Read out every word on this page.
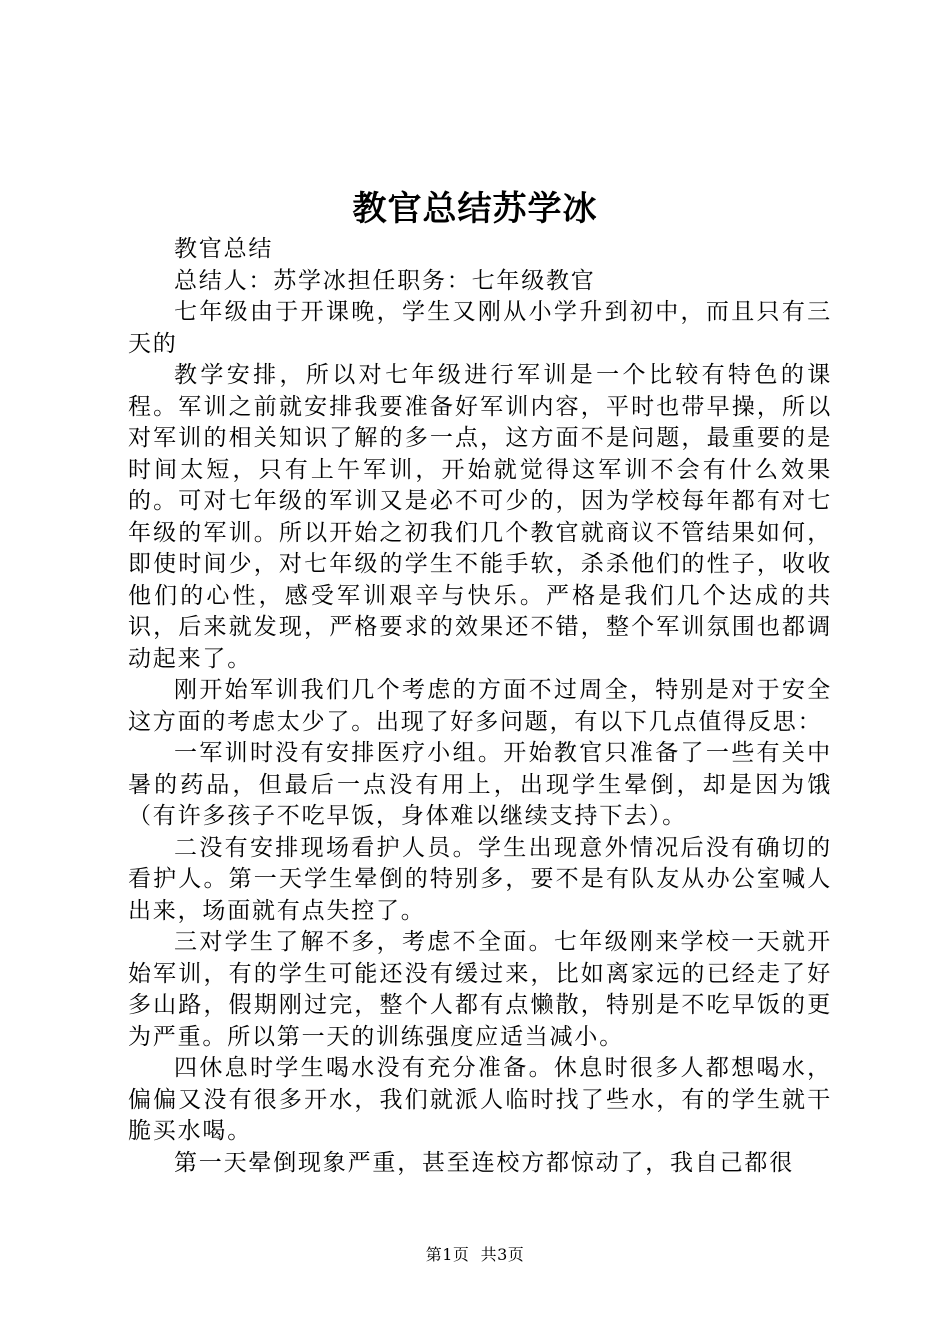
教官总结苏学冰

教官总结

总结人：苏学冰担任职务：七年级教官

七年级由于开课晚，学生又刚从小学升到初中，而且只有三天的

教学安排，所以对七年级进行军训是一个比较有特色的课程。军训之前就安排我要准备好军训内容，平时也带早操，所以对军训的相关知识了解的多一点，这方面不是问题，最重要的是时间太短，只有上午军训，开始就觉得这军训不会有什么效果的。可对七年级的军训又是必不可少的，因为学校每年都有对七年级的军训。所以开始之初我们几个教官就商议不管结果如何，即使时间少，对七年级的学生不能手软，杀杀他们的性子，收收他们的心性，感受军训艰辛与快乐。严格是我们几个达成的共识，后来就发现，严格要求的效果还不错，整个军训氛围也都调动起来了。

刚开始军训我们几个考虑的方面不过周全，特别是对于安全这方面的考虑太少了。出现了好多问题，有以下几点值得反思：

一军训时没有安排医疗小组。开始教官只准备了一些有关中暑的药品，但最后一点没有用上，出现学生晕倒，却是因为饿（有许多孩子不吃早饭，身体难以继续支持下去）。

二没有安排现场看护人员。学生出现意外情况后没有确切的看护人。第一天学生晕倒的特别多，要不是有队友从办公室喊人出来，场面就有点失控了。

三对学生了解不多，考虑不全面。七年级刚来学校一天就开始军训，有的学生可能还没有缓过来，比如离家远的已经走了好多山路，假期刚过完，整个人都有点懒散，特别是不吃早饭的更为严重。所以第一天的训练强度应适当减小。

四休息时学生喝水没有充分准备。休息时很多人都想喝水，偏偏又没有很多开水，我们就派人临时找了些水，有的学生就干脆买水喝。

第一天晕倒现象严重，甚至连校方都惊动了，我自己都很

第1页  共3页
